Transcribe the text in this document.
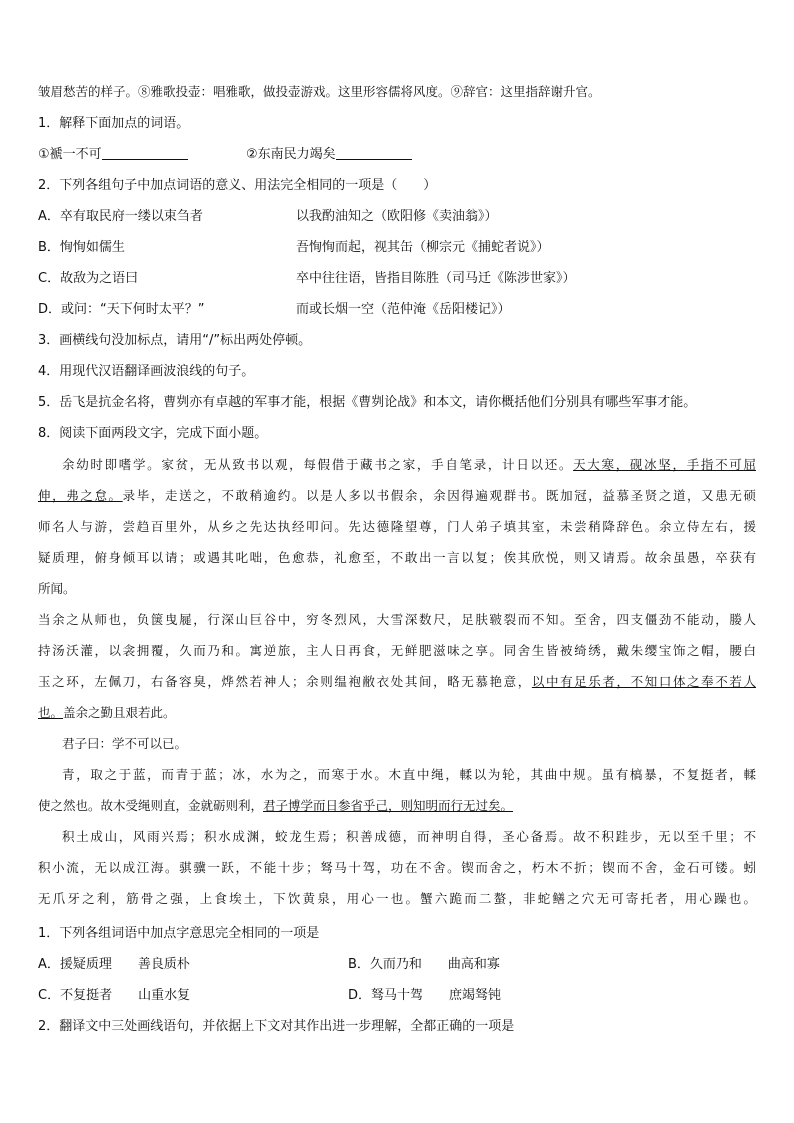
皱眉愁苦的样子。⑧雅歌投壶：唱雅歌，做投壶游戏。这里形容儒将风度。⑨辞官：这里指辞谢升官。
1．解释下面加点的词语。
①褫一不可	②东南民力竭矣
2．下列各组句子中加点词语的意义、用法完全相同的一项是（　　）
A．卒有取民府一缕以束刍者	以我酌油知之（欧阳修《卖油翁》）
B．恂恂如儒生	吾恂恂而起，视其缶（柳宗元《捕蛇者说》）
C．故敌为之语曰	卒中往往语，皆指目陈胜（司马迁《陈涉世家》）
D．或问：“天下何时太平？”	而或长烟一空（范仲淹《岳阳楼记》）
3．画横线句没加标点，请用“/”标出两处停顿。
4．用现代汉语翻译画波浪线的句子。
5．岳飞是抗金名将，曹刿亦有卓越的军事才能，根据《曹刿论战》和本文，请你概括他们分别具有哪些军事才能。
8．阅读下面两段文字，完成下面小题。
余幼时即嗜学。家贫，无从致书以观，每假借于藏书之家，手自笔录，计日以还。天大寒，砚冰坚，手指不可屈
伸，弗之怠。录毕，走送之，不敢稍逾约。以是人多以书假余，余因得遍观群书。既加冠，益慕圣贤之道，又患无硕
师名人与游，尝趋百里外，从乡之先达执经叩问。先达德隆望尊，门人弟子填其室，未尝稍降辞色。余立侍左右，援
疑质理，俯身倾耳以请；或遇其叱咄，色愈恭，礼愈至，不敢出一言以复；俟其欣悦，则又请焉。故余虽愚，卒获有
所闻。
当余之从师也，负箧曳屣，行深山巨谷中，穷冬烈风，大雪深数尺，足肤皲裂而不知。至舍，四支僵劲不能动，媵人
持汤沃灌，以衾拥覆，久而乃和。寓逆旅，主人日再食，无鲜肥滋味之享。同舍生皆被绮绣，戴朱缨宝饰之帽，腰白
玉之环，左佩刀，右备容臭，烨然若神人；余则缊袍敝衣处其间，略无慕艳意，以中有足乐者，不知口体之奉不若人
也。盖余之勤且艰若此。
君子曰：学不可以已。
青，取之于蓝，而青于蓝；冰，水为之，而寒于水。木直中绳，輮以为轮，其曲中规。虽有槁暴，不复挺者，輮
使之然也。故木受绳则直，金就砺则利，君子博学而日参省乎己，则知明而行无过矣。
积土成山，风雨兴焉；积水成渊，蛟龙生焉；积善成德，而神明自得，圣心备焉。故不积跬步，无以至千里；不
积小流，无以成江海。骐骥一跃，不能十步；驽马十驾，功在不舍。锲而舍之，朽木不折；锲而不舍，金石可镂。蚓
无爪牙之利，筋骨之强，上食埃土，下饮黄泉，用心一也。蟹六跪而二螯，非蛇鳝之穴无可寄托者，用心躁也。
1．下列各组词语中加点字意思完全相同的一项是
A．援疑质理　　善良质朴	B．久而乃和　　曲高和寡
C．不复挺者　　山重水复	D．驽马十驾　　庶竭驽钝
2．翻译文中三处画线语句，并依据上下文对其作出进一步理解，全都正确的一项是
